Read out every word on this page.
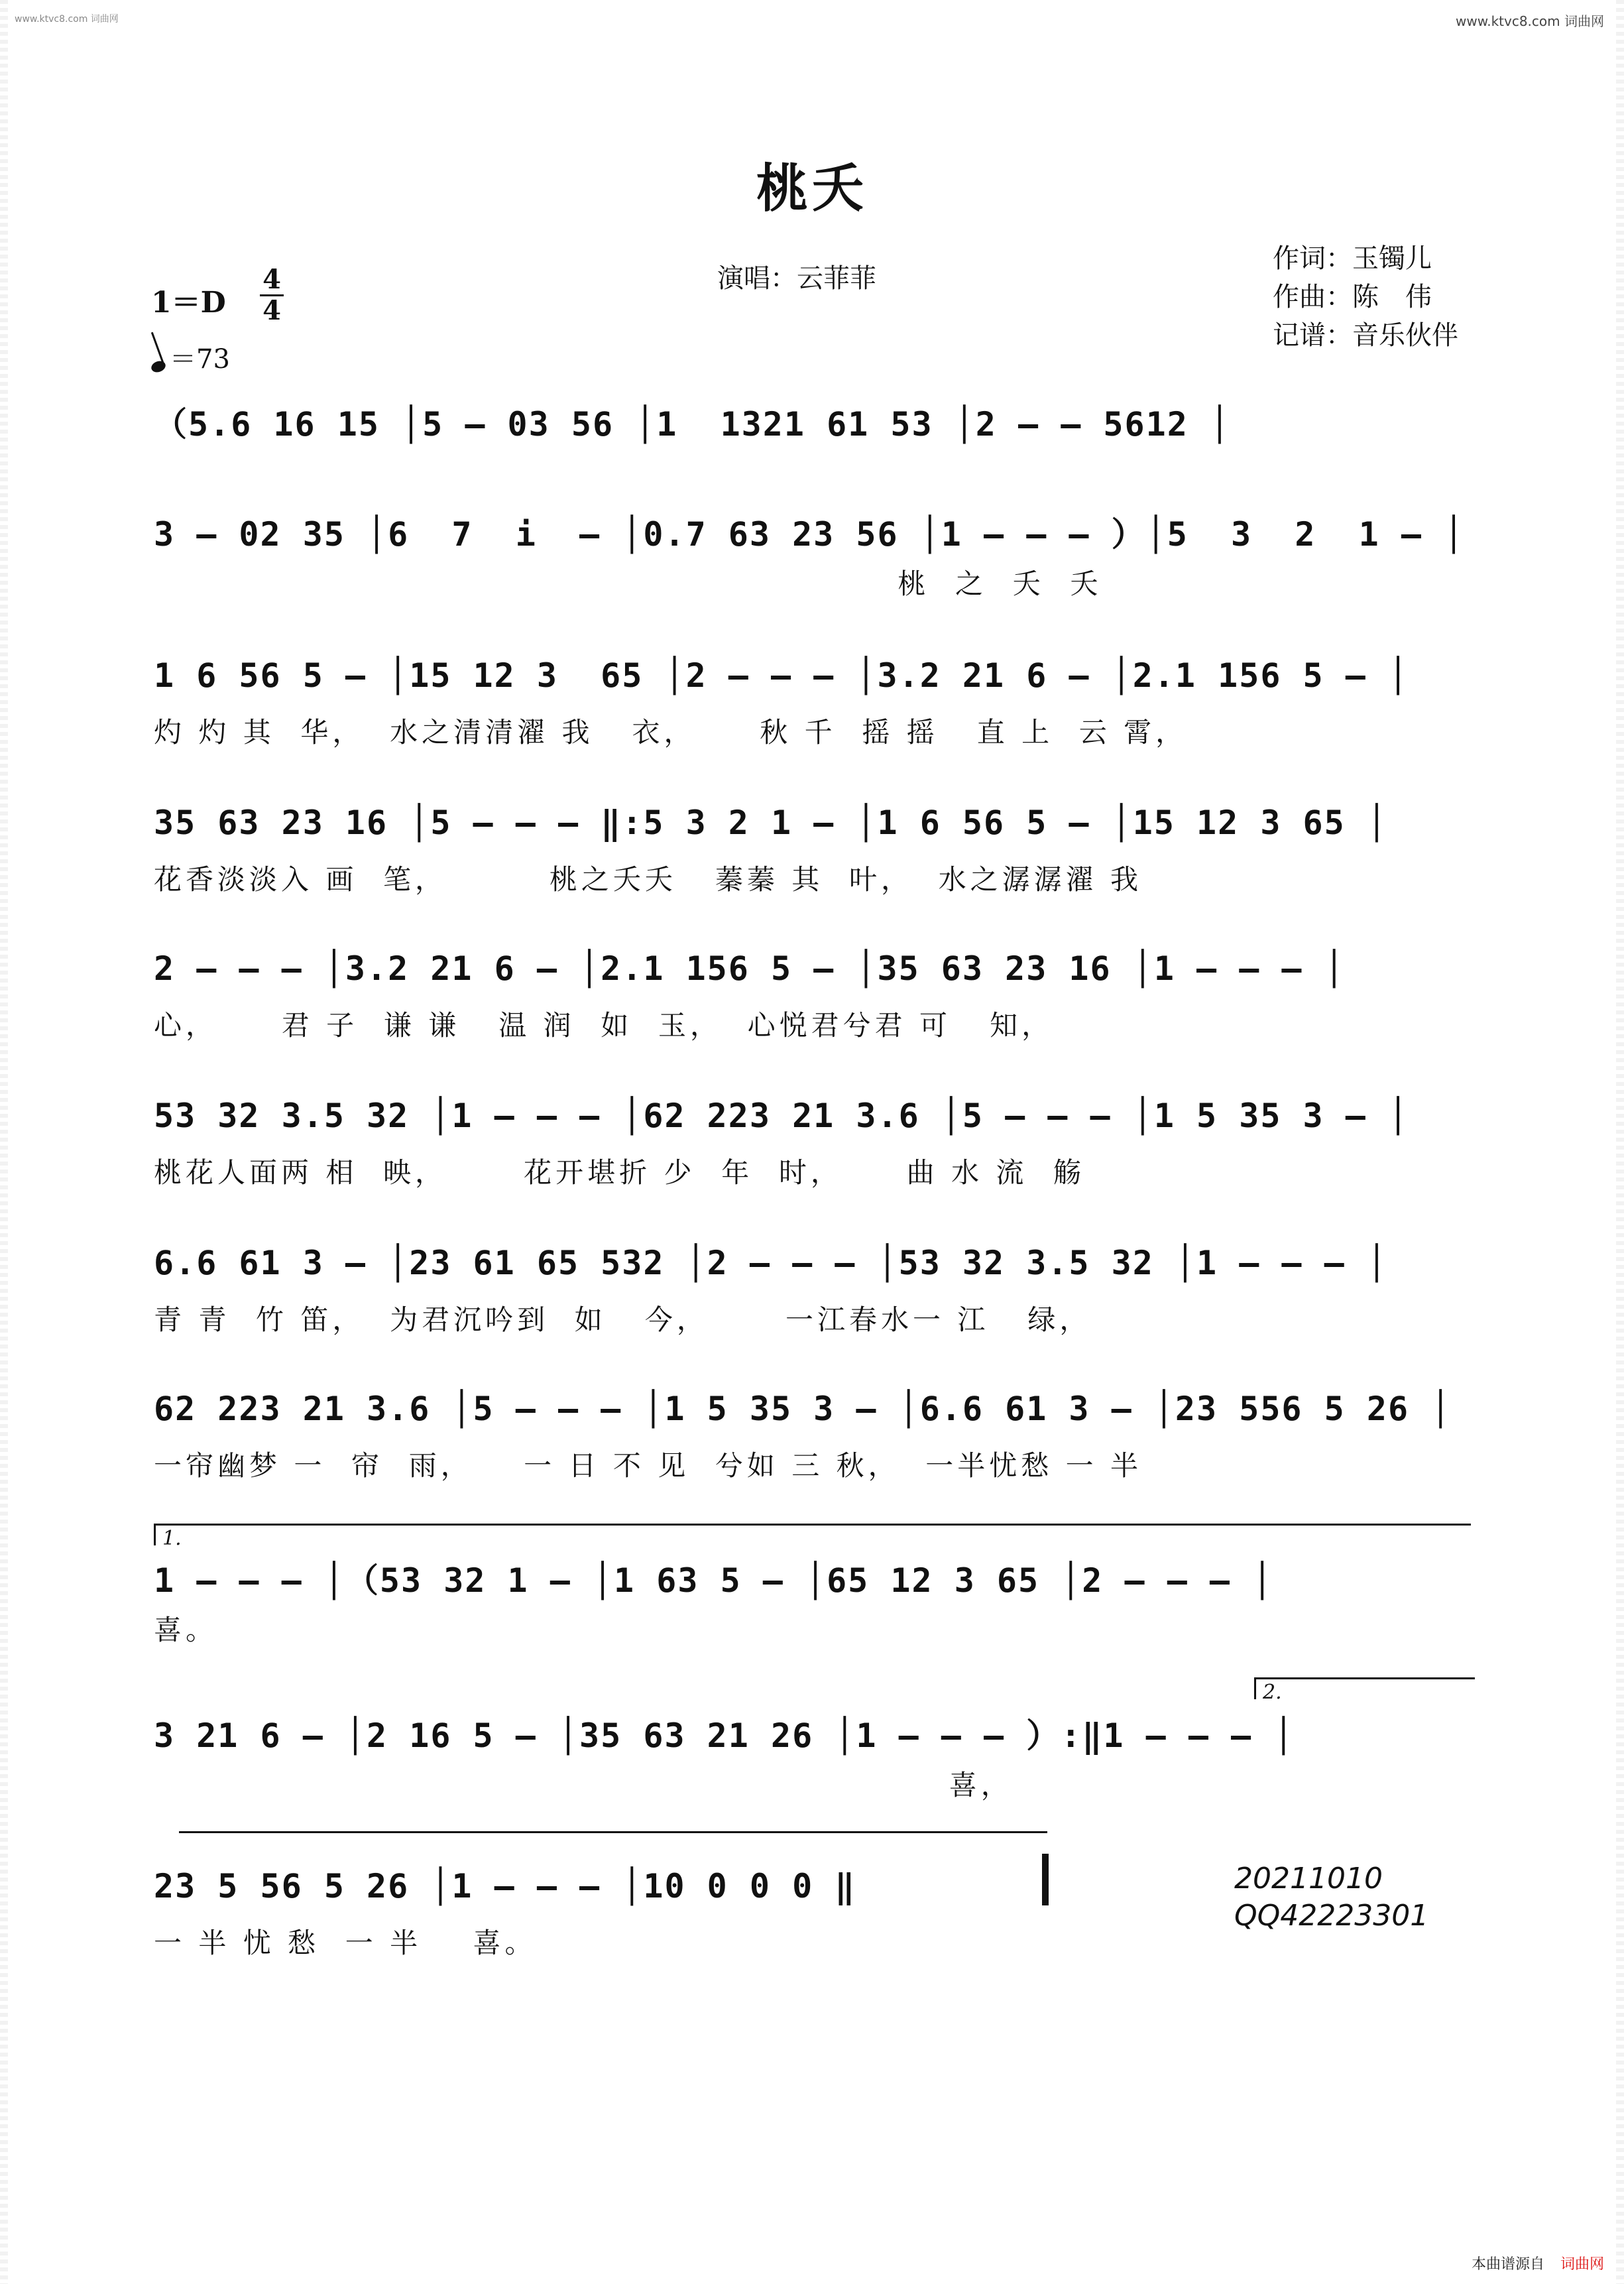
www.ktvc8.com 词曲网	www.ktvc8.com 词曲网
桃夭
演唱：云菲菲
作词：玉镯儿
作曲：陈　伟
记谱：音乐伙伴
1＝D
4
4
＝73
（5.6 16 15 │5 – 03 56 │1  1321 61 53 │2 – – 5612 │
3 – 02 35 │6  7  i  – │0.7 63 23 56 │1 – – – ）│5  3  2  1 – │
桃  之  夭  夭
1 6 56 5 – │15 12 3  65 │2 – – – │3.2 21 6 – │2.1 156 5 – │
灼 灼 其  华，  水之清清濯 我   衣，     秋 千  摇 摇   直 上  云 霄，
35 63 23 16 │5 – – – ‖:5 3 2 1 – │1 6 56 5 – │15 12 3 65 │
花香淡淡入 画  笔，        桃之夭夭   蓁蓁 其  叶，  水之潺潺濯 我
2 – – – │3.2 21 6 – │2.1 156 5 – │35 63 23 16 │1 – – – │
心，     君 子  谦 谦   温 润  如  玉，  心悦君兮君 可   知，
53 32 3.5 32 │1 – – – │62 223 21 3.6 │5 – – – │1 5 35 3 – │
桃花人面两 相  映，      花开堪折 少  年  时，     曲 水 流  觞
6.6 61 3 – │23 61 65 532 │2 – – – │53 32 3.5 32 │1 – – – │
青 青  竹 笛，  为君沉吟到  如   今，      一江春水一 江   绿，
62 223 21 3.6 │5 – – – │1 5 35 3 – │6.6 61 3 – │23 556 5 26 │
一帘幽梦 一  帘  雨，    一 日 不 见  兮如 三 秋，  一半忧愁 一 半
1.
1 – – – │（53 32 1 – │1 63 5 – │65 12 3 65 │2 – – – │
喜。
3 21 6 – │2 16 5 – │35 63 21 26 │1 – – – ）:‖1 – – – │
喜，
2.
23 5 56 5 26 │1 – – – │10 0 0 0 ‖
一 半 忧 愁  一 半    喜。
20211010
QQ42223301
本曲谱源自 词曲网
